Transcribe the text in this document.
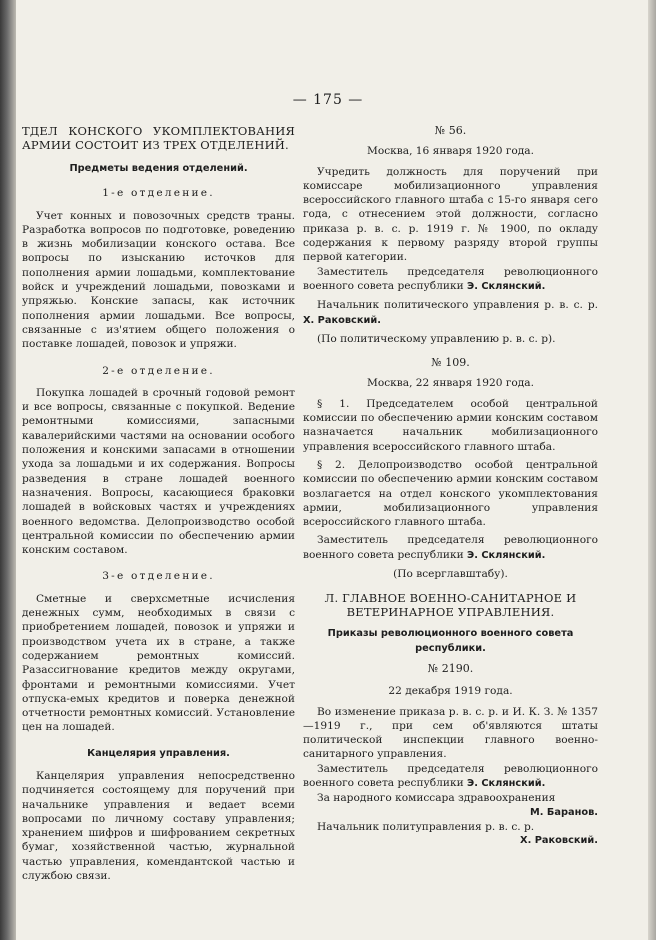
— 175 —

ТДЕЛ КОНСКОГО УКОМПЛЕКТОВАНИЯ АРМИИ СОСТОИТ ИЗ ТРЕХ ОТДЕЛЕНИЙ.

Предметы ведения отделений.

1-е отделение.

Учет конных и повозочных средств траны. Разработка вопросов по подготовке, роведению в жизнь мобилизации конского остава. Все вопросы по изысканию источков для пополнения армии лошадьми, комплектование войск и учреждений лошадьми, повозками и упряжью. Конские запасы, как источник пополнения армии лошадьми. Все вопросы, связанные с из'ятием общего положения о поставке лошадей, повозок и упряжи.

2-е отделение.

Покупка лошадей в срочный годовой ремонт и все вопросы, связанные с покупкой. Ведение ремонтными комиссиями, запасными кавалерийскими частями на основании особого положения и конскими запасами в отношении ухода за лошадьми и их содержания. Вопросы разведения в стране лошадей военного назначения. Вопросы, касающиеся браковки лошадей в войсковых частях и учреждениях военного ведомства. Делопроизводство особой центральной комиссии по обеспечению армии конским составом.

3-е отделение.

Сметные и сверхсметные исчисления денежных сумм, необходимых в связи с приобретением лошадей, повозок и упряжи и производством учета их в стране, а также содержанием ремонтных комиссий. Разассигнование кредитов между округами, фронтами и ремонтными комиссиями. Учет отпуска-емых кредитов и поверка денежной отчетности ремонтных комиссий. Установление цен на лошадей.

Канцелярия управления.

Канцелярия управления непосредственно подчиняется состоящему для поручений при начальнике управления и ведает всеми вопросами по личному составу управления; хранением шифров и шифрованием секретных бумаг, хозяйственной частью, журнальной частью управления, комендантской частью и службою связи.

№ 56.

Москва, 16 января 1920 года.

Учредить должность для поручений при комиссаре мобилизационного управления всероссийского главного штаба с 15-го января сего года, с отнесением этой должности, согласно приказа р. в. с. р. 1919 г. № 1900, по окладу содержания к первому разряду второй группы первой категории.

Заместитель председателя революционного военного совета республики Э. Склянский.

Начальник политического управления р. в. с. р. Х. Раковский.

(По политическому управлению р. в. с. р).

№ 109.

Москва, 22 января 1920 года.

§ 1. Председателем особой центральной комиссии по обеспечению армии конским составом назначается начальник мобилизационного управления всероссийского главного штаба.

§ 2. Делопроизводство особой центральной комиссии по обеспечению армии конским составом возлагается на отдел конского укомплектования армии, мобилизационного управления всероссийского главного штаба.

Заместитель председателя революционного военного совета республики Э. Склянский.

(По всерглавштабу).

Л. ГЛАВНОЕ ВОЕННО-САНИТАРНОЕ И ВЕТЕРИНАРНОЕ УПРАВЛЕНИЯ.

Приказы революционного военного совета республики.

№ 2190.

22 декабря 1919 года.

Во изменение приказа р. в. с. р. и И. К. З. № 1357—1919 г., при сем об'являются штаты политической инспекции главного военно-санитарного управления.

Заместитель председателя революционного военного совета республики Э. Склянский.

За народного комиссара здравоохранения

М. Баранов.

Начальник политуправления р. в. с. р.

Х. Раковский.
